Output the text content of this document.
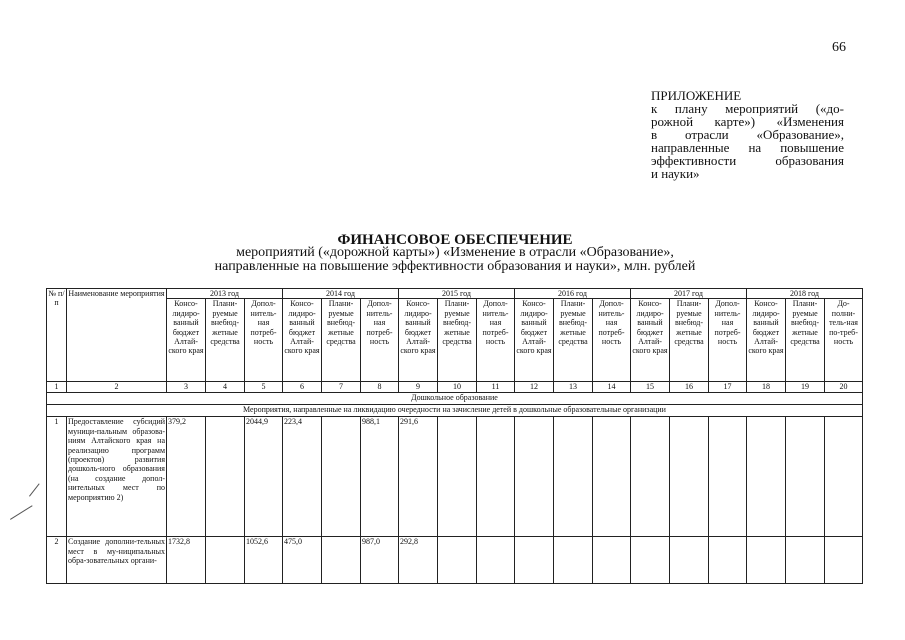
66
ПРИЛОЖЕНИЕ
к плану мероприятий («до-
рожной карте») «Изменения
в отрасли «Образование»,
направленные на повышение
эффективности образования
и науки»
ФИНАНСОВОЕ ОБЕСПЕЧЕНИЕ
мероприятий («дорожной карты») «Изменение в отрасли «Образование»,
направленные на повышение эффективности образования и науки», млн. рублей
№ п/п	Наименование мероприятия	2013 год			2014 год			2015 год			2016 год			2017 год			2018 год		
		Консо-лидиро-ванный бюджет Алтай-ского края	Плани-руемые внебюд-жетные средства	Допол-нитель-ная потреб-ность	Консо-лидиро-ванный бюджет Алтай-ского края	Плани-руемые внебюд-жетные средства	Допол-нитель-ная потреб-ность	Консо-лидиро-ванный бюджет Алтай-ского края	Плани-руемые внебюд-жетные средства	Допол-нитель-ная потреб-ность	Консо-лидиро-ванный бюджет Алтай-ского края	Плани-руемые внебюд-жетные средства	Допол-нитель-ная потреб-ность	Консо-лидиро-ванный бюджет Алтай-ского края	Плани-руемые внебюд-жетные средства	Допол-нитель-ная потреб-ность	Консо-лидиро-ванный бюджет Алтай-ского края	Плани-руемые внебюд-жетные средства	До-полни-тель-ная по-треб-ность
1	2	3	4	5	6	7	8	9	10	11	12	13	14	15	16	17	18	19	20
Дошкольное образование																			
Мероприятия, направленные на ликвидацию очередности на зачисление детей в дошкольные образовательные организации																			
1	Предоставление субсидий муници-пальным образова-ниям Алтайского края на реализацию программ (проектов) развития дошколь-ного образования (на создание допол-нительных мест по мероприятию 2)	379,2		2044,9	223,4		988,1	291,6											
2	Создание дополни-тельных мест в му-ниципальных обра-зовательных органи-	1732,8		1052,6	475,0		987,0	292,8											
